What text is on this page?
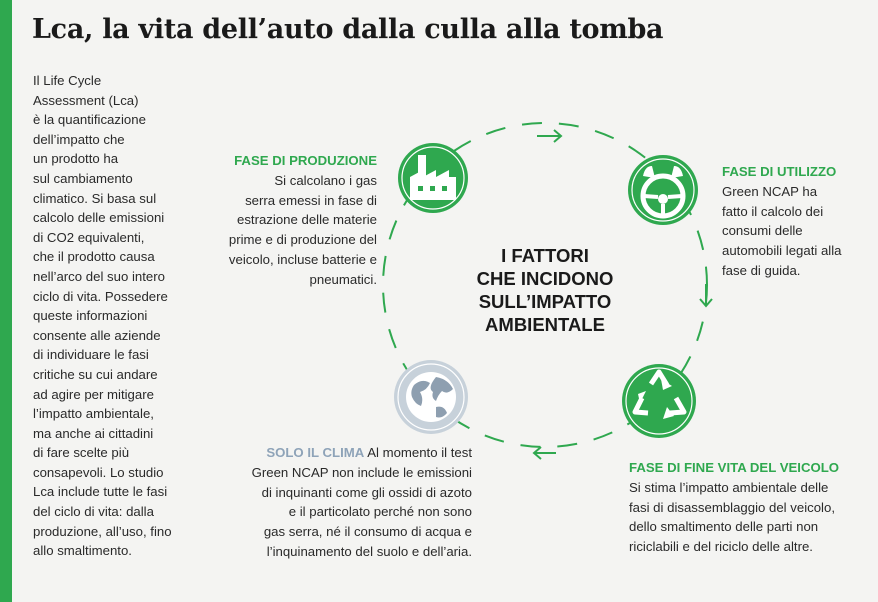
Lca, la vita dell’auto dalla culla alla tomba
Il Life Cycle
Assessment (Lca)
è la quantificazione
dell’impatto che
un prodotto ha
sul cambiamento
climatico. Si basa sul
calcolo delle emissioni
di CO2 equivalenti,
che il prodotto causa
nell’arco del suo intero
ciclo di vita. Possedere
queste informazioni
consente alle aziende
di individuare le fasi
critiche su cui andare
ad agire per mitigare
l’impatto ambientale,
ma anche ai cittadini
di fare scelte più
consapevoli. Lo studio
Lca include tutte le fasi
del ciclo di vita: dalla
produzione, all’uso, fino
allo smaltimento.
I FATTORI
CHE INCIDONO
SULL’IMPATTO
AMBIENTALE
FASE DI PRODUZIONE
Si calcolano i gas
serra emessi in fase di
estrazione delle materie
prime e di produzione del
veicolo, incluse batterie e
pneumatici.
FASE DI UTILIZZO
Green NCAP ha
fatto il calcolo dei
consumi delle
automobili legati alla
fase di guida.
FASE DI FINE VITA DEL VEICOLO
Si stima l’impatto ambientale delle
fasi di disassemblaggio del veicolo,
dello smaltimento delle parti non
riciclabili e del riciclo delle altre.
SOLO IL CLIMA Al momento il test
Green NCAP non include le emissioni
di inquinanti come gli ossidi di azoto
e il particolato perché non sono
gas serra, né il consumo di acqua e
l’inquinamento del suolo e dell’aria.
